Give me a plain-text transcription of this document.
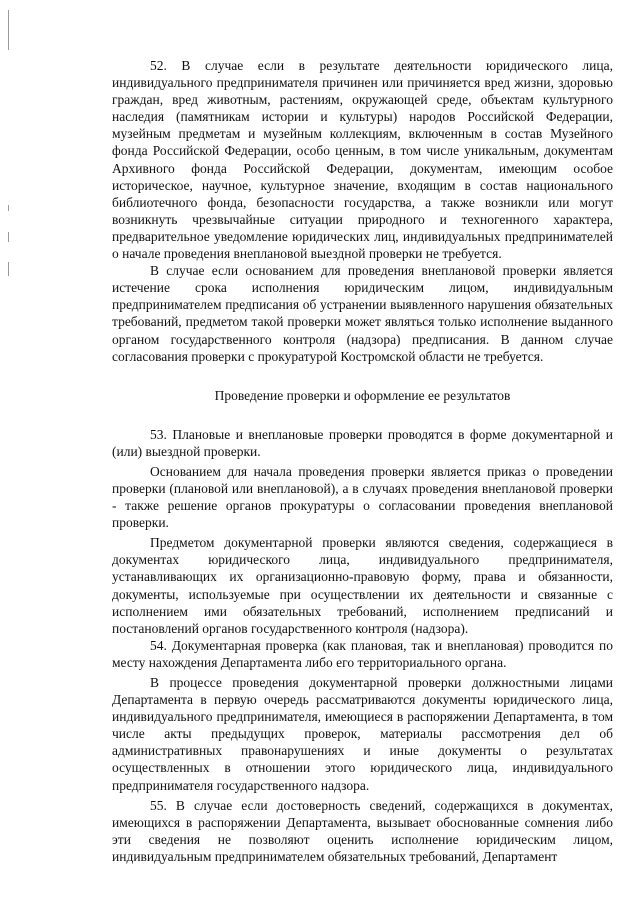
52. В случае если в результате деятельности юридического лица, индивидуального предпринимателя причинен или причиняется вред жизни, здоровью граждан, вред животным, растениям, окружающей среде, объектам культурного наследия (памятникам истории и культуры) народов Российской Федерации, музейным предметам и музейным коллекциям, включенным в состав Музейного фонда Российской Федерации, особо ценным, в том числе уникальным, документам Архивного фонда Российской Федерации, документам, имеющим особое историческое, научное, культурное значение, входящим в состав национального библиотечного фонда, безопасности государства, а также возникли или могут возникнуть чрезвычайные ситуации природного и техногенного характера, предварительное уведомление юридических лиц, индивидуальных предпринимателей о начале проведения внеплановой выездной проверки не требуется.

В случае если основанием для проведения внеплановой проверки является истечение срока исполнения юридическим лицом, индивидуальным предпринимателем предписания об устранении выявленного нарушения обязательных требований, предметом такой проверки может являться только исполнение выданного органом государственного контроля (надзора) предписания. В данном случае согласования проверки с прокуратурой Костромской области не требуется.

Проведение проверки и оформление ее результатов

53. Плановые и внеплановые проверки проводятся в форме документарной и (или) выездной проверки.

Основанием для начала проведения проверки является приказ о проведении проверки (плановой или внеплановой), а в случаях проведения внеплановой проверки - также решение органов прокуратуры о согласовании проведения внеплановой проверки.

Предметом документарной проверки являются сведения, содержащиеся в документах юридического лица, индивидуального предпринимателя, устанавливающих их организационно-правовую форму, права и обязанности, документы, используемые при осуществлении их деятельности и связанные с исполнением ими обязательных требований, исполнением предписаний и постановлений органов государственного контроля (надзора).

54. Документарная проверка (как плановая, так и внеплановая) проводится по месту нахождения Департамента либо его территориального органа.

В процессе проведения документарной проверки должностными лицами Департамента в первую очередь рассматриваются документы юридического лица, индивидуального предпринимателя, имеющиеся в распоряжении Департамента, в том числе акты предыдущих проверок, материалы рассмотрения дел об административных правонарушениях и иные документы о результатах осуществленных в отношении этого юридического лица, индивидуального предпринимателя государственного надзора.

55. В случае если достоверность сведений, содержащихся в документах, имеющихся в распоряжении Департамента, вызывает обоснованные сомнения либо эти сведения не позволяют оценить исполнение юридическим лицом, индивидуальным предпринимателем обязательных требований, Департамент
